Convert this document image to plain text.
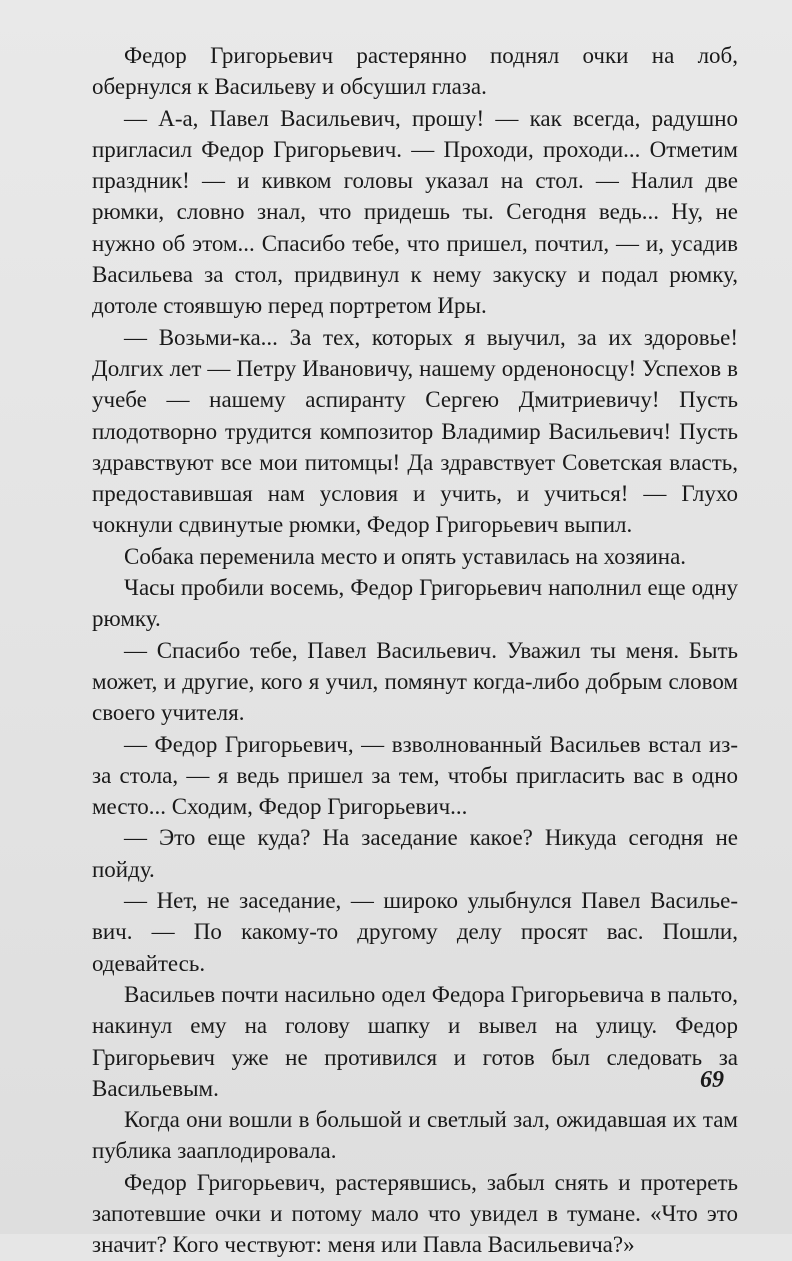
Федор Григорьевич растерянно поднял очки на лоб, обернулся к Васильеву и обсушил глаза.

— А-а, Павел Васильевич, прошу! — как всегда, радушно пригласил Федор Григорьевич. — Проходи, проходи... Отметим праздник! — и кивком головы указал на стол. — Налил две рюмки, словно знал, что придешь ты. Сегодня ведь... Ну, не нужно об этом... Спасибо тебе, что пришел, почтил, — и, усадив Васильева за стол, придвинул к нему закуску и подал рюмку, дотоле стоявшую перед портретом Иры.

— Возьми-ка... За тех, которых я выучил, за их здоровье! Долгих лет — Петру Ивановичу, нашему орденоносцу! Успехов в учебе — нашему аспиранту Сергею Дмитриевичу! Пусть плодотворно трудится композитор Владимир Васильевич! Пусть здравствуют все мои питомцы! Да здравствует Советская власть, предоставившая нам условия и учить, и учиться! — Глухо чокнули сдвинутые рюмки, Федор Григорьевич выпил.

Собака переменила место и опять уставилась на хозяина.

Часы пробили восемь, Федор Григорьевич наполнил еще одну рюмку.

— Спасибо тебе, Павел Васильевич. Уважил ты меня. Быть может, и другие, кого я учил, помянут когда-либо добрым словом своего учителя.

— Федор Григорьевич, — взволнованный Васильев встал из-за стола, — я ведь пришел за тем, чтобы пригласить вас в одно место... Сходим, Федор Григорьевич...

— Это еще куда? На заседание какое? Никуда сегодня не пойду.

— Нет, не заседание, — широко улыбнулся Павел Василье- вич. — По какому-то другому делу просят вас. Пошли, одевайтесь.

Васильев почти насильно одел Федора Григорьевича в пальто, накинул ему на голову шапку и вывел на улицу. Федор Григорьевич уже не противился и готов был следовать за Васильевым.

Когда они вошли в большой и светлый зал, ожидавшая их там публика зааплодировала.

Федор Григорьевич, растерявшись, забыл снять и протереть запотевшие очки и потому мало что увидел в тумане. «Что это значит? Кого чествуют: меня или Павла Васильевича?»

69
